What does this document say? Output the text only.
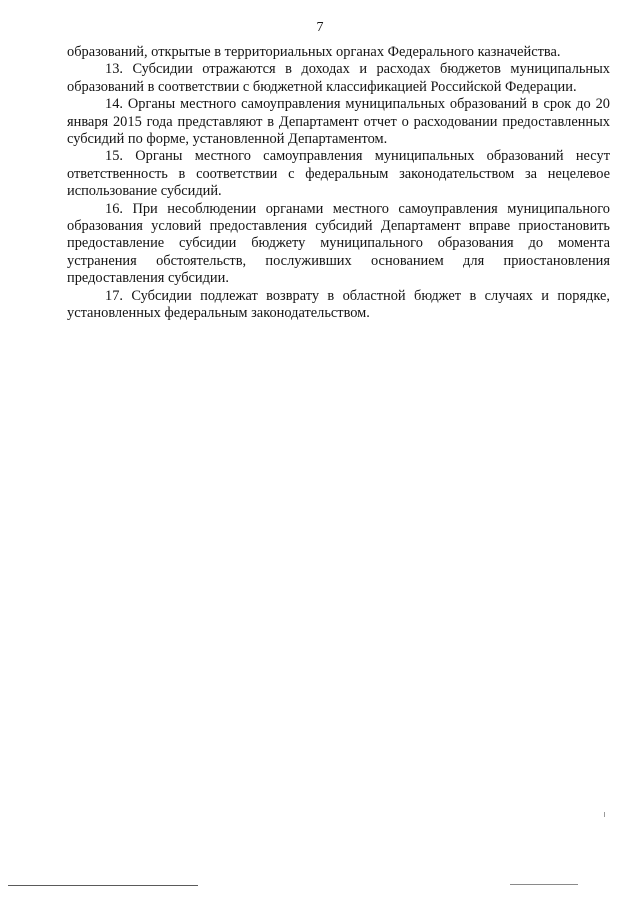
7

образований, открытые в территориальных органах Федерального казначейства.

13. Субсидии отражаются в доходах и расходах бюджетов муниципальных образований в соответствии с бюджетной классификацией Российской Федерации.

14. Органы местного самоуправления муниципальных образований в срок до 20 января 2015 года представляют в Департамент отчет о расходовании предоставленных субсидий по форме, установленной Департаментом.

15. Органы местного самоуправления муниципальных образований несут ответственность в соответствии с федеральным законодательством за нецелевое использование субсидий.

16. При несоблюдении органами местного самоуправления муниципального образования условий предоставления субсидий Департамент вправе приостановить предоставление субсидии бюджету муниципального образования до момента устранения обстоятельств, послуживших основанием для приостановления предоставления субсидии.

17. Субсидии подлежат возврату в областной бюджет в случаях и порядке, установленных федеральным законодательством.
